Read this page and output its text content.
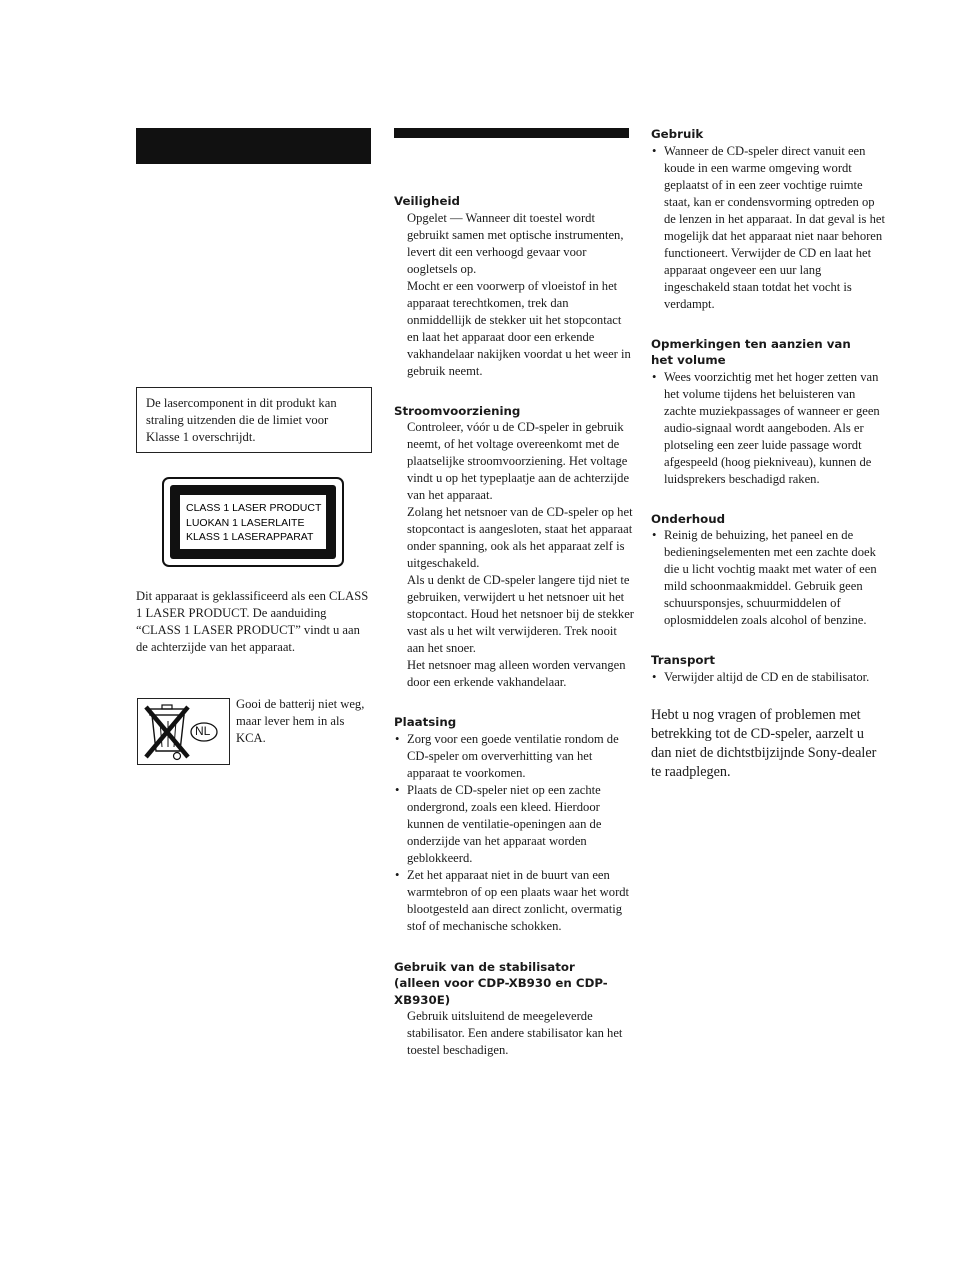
De lasercomponent in dit produkt kan straling uitzenden die de limiet voor Klasse 1 overschrijdt.

CLASS 1 LASER PRODUCT
LUOKAN 1 LASERLAITE
KLASS 1 LASERAPPARAT

Dit apparaat is geklassificeerd als een CLASS 1 LASER PRODUCT. De aanduiding “CLASS 1 LASER PRODUCT” vindt u aan de achterzijde van het apparaat.

NL

Gooi de batterij niet weg, maar lever hem in als KCA.

Veiligheid

Opgelet — Wanneer dit toestel wordt gebruikt samen met optische instrumenten, levert dit een verhoogd gevaar voor oogletsels op.

Mocht er een voorwerp of vloeistof in het apparaat terechtkomen, trek dan onmiddellijk de stekker uit het stopcontact en laat het apparaat door een erkende vakhandelaar nakijken voordat u het weer in gebruik neemt.

Stroomvoorziening

Controleer, vóór u de CD-speler in gebruik neemt, of het voltage overeenkomt met de plaatselijke stroomvoorziening. Het voltage vindt u op het typeplaatje aan de achterzijde van het apparaat.

Zolang het netsnoer van de CD-speler op het stopcontact is aangesloten, staat het apparaat onder spanning, ook als het apparaat zelf is uitgeschakeld.

Als u denkt de CD-speler langere tijd niet te gebruiken, verwijdert u het netsnoer uit het stopcontact. Houd het netsnoer bij de stekker vast als u het wilt verwijderen. Trek nooit aan het snoer.

Het netsnoer mag alleen worden vervangen door een erkende vakhandelaar.

Plaatsing
• Zorg voor een goede ventilatie rondom de CD-speler om oververhitting van het apparaat te voorkomen.
• Plaats de CD-speler niet op een zachte ondergrond, zoals een kleed. Hierdoor kunnen de ventilatie-openingen aan de onderzijde van het apparaat worden geblokkeerd.
• Zet het apparaat niet in de buurt van een warmtebron of op een plaats waar het wordt blootgesteld aan direct zonlicht, overmatig stof of mechanische schokken.
Gebruik van de stabilisator (alleen voor CDP-XB930 en CDP-XB930E)

Gebruik uitsluitend de meegeleverde stabilisator. Een andere stabilisator kan het toestel beschadigen.

Gebruik
• Wanneer de CD-speler direct vanuit een koude in een warme omgeving wordt geplaatst of in een zeer vochtige ruimte staat, kan er condensvorming optreden op de lenzen in het apparaat. In dat geval is het mogelijk dat het apparaat niet naar behoren functioneert. Verwijder de CD en laat het apparaat ongeveer een uur lang ingeschakeld staan totdat het vocht is verdampt.
Opmerkingen ten aanzien van het volume
• Wees voorzichtig met het hoger zetten van het volume tijdens het beluisteren van zachte muziekpassages of wanneer er geen audio-signaal wordt aangeboden. Als er plotseling een zeer luide passage wordt afgespeeld (hoog piekniveau), kunnen de luidsprekers beschadigd raken.
Onderhoud
• Reinig de behuizing, het paneel en de bedieningselementen met een zachte doek die u licht vochtig maakt met water of een mild schoonmaakmiddel. Gebruik geen schuursponsjes, schuurmiddelen of oplosmiddelen zoals alcohol of benzine.
Transport
• Verwijder altijd de CD en de stabilisator.

Hebt u nog vragen of problemen met betrekking tot de CD-speler, aarzelt u dan niet de dichtstbijzijnde Sony-dealer te raadplegen.
